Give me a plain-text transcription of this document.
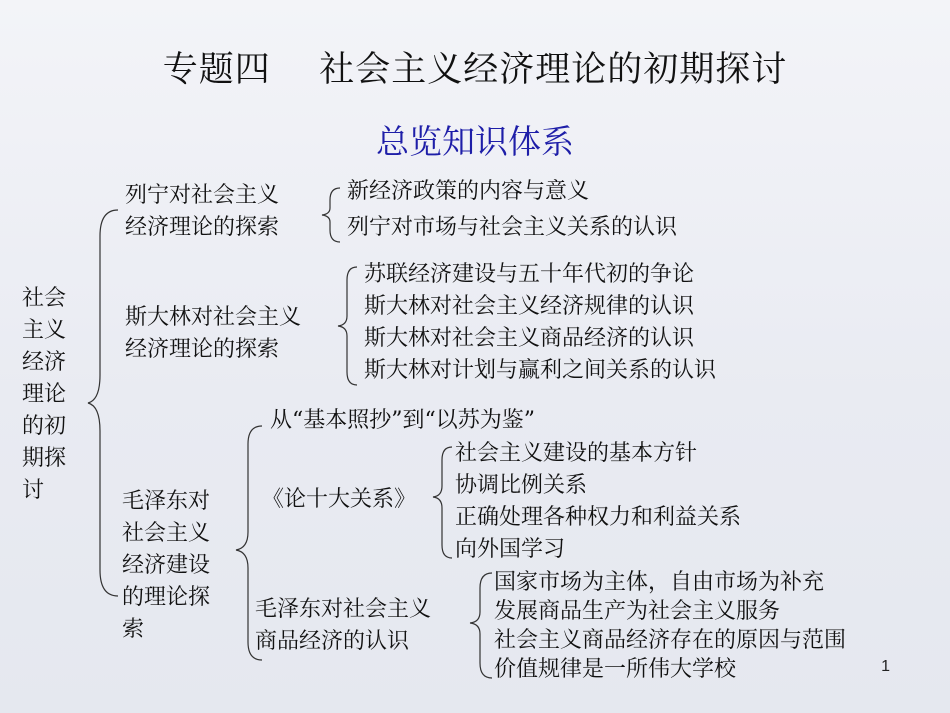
专题四    社会主义经济理论的初期探讨
总览知识体系
社会
主义
经济
理论
的初
期探
讨
列宁对社会主义
经济理论的探索
新经济政策的内容与意义
列宁对市场与社会主义关系的认识
斯大林对社会主义
经济理论的探索
苏联经济建设与五十年代初的争论
斯大林对社会主义经济规律的认识
斯大林对社会主义商品经济的认识
斯大林对计划与赢利之间关系的认识
毛泽东对
社会主义
经济建设
的理论探
索
从“基本照抄”到“以苏为鉴”
《论十大关系》
社会主义建设的基本方针
协调比例关系
正确处理各种权力和利益关系
向外国学习
毛泽东对社会主义
商品经济的认识
国家市场为主体，自由市场为补充
发展商品生产为社会主义服务
社会主义商品经济存在的原因与范围
价值规律是一所伟大学校	1
